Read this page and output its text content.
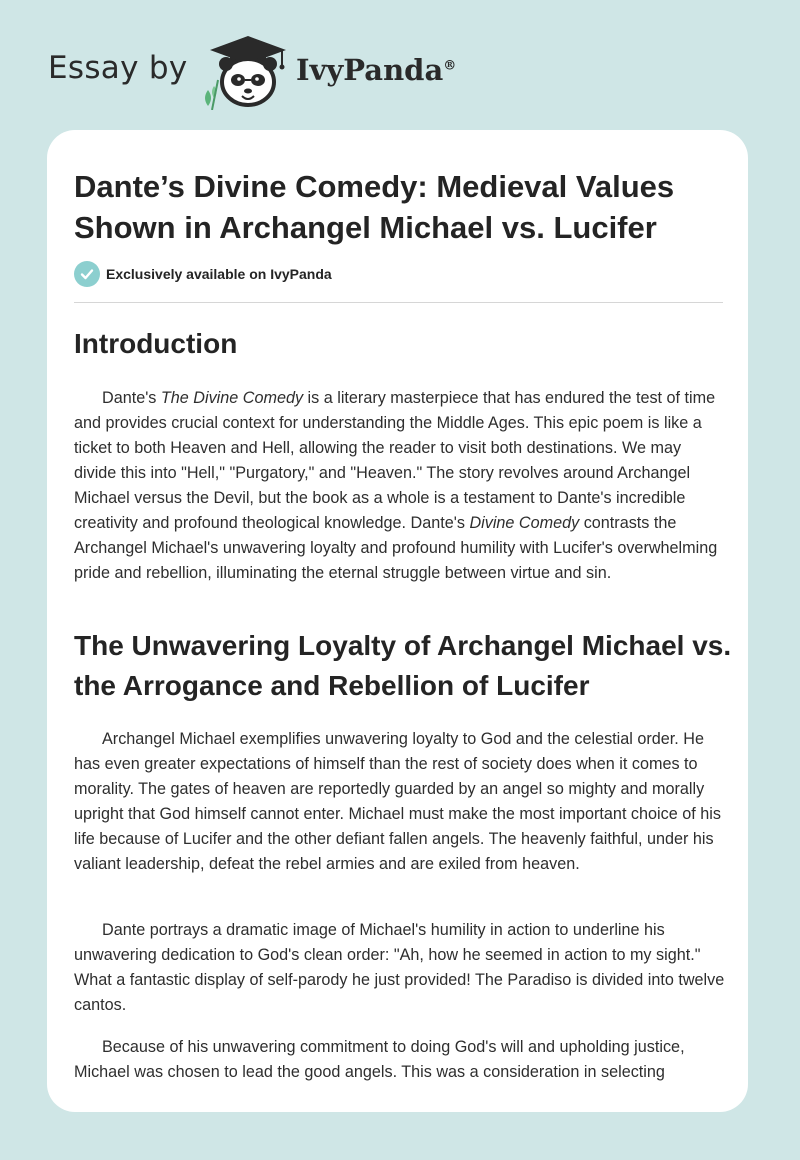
Essay by	IvyPanda®
Dante’s Divine Comedy: Medieval Values Shown in Archangel Michael vs. Lucifer
Exclusively available on IvyPanda
Introduction

Dante's The Divine Comedy is a literary masterpiece that has endured the test of time and provides crucial context for understanding the Middle Ages. This epic poem is like a ticket to both Heaven and Hell, allowing the reader to visit both destinations. We may divide this into "Hell," "Purgatory," and "Heaven." The story revolves around Archangel Michael versus the Devil, but the book as a whole is a testament to Dante's incredible creativity and profound theological knowledge. Dante's Divine Comedy contrasts the Archangel Michael's unwavering loyalty and profound humility with Lucifer's overwhelming pride and rebellion, illuminating the eternal struggle between virtue and sin.

The Unwavering Loyalty of Archangel Michael vs. the Arrogance and Rebellion of Lucifer

Archangel Michael exemplifies unwavering loyalty to God and the celestial order. He has even greater expectations of himself than the rest of society does when it comes to morality. The gates of heaven are reportedly guarded by an angel so mighty and morally upright that God himself cannot enter. Michael must make the most important choice of his life because of Lucifer and the other defiant fallen angels. The heavenly faithful, under his valiant leadership, defeat the rebel armies and are exiled from heaven.

Dante portrays a dramatic image of Michael's humility in action to underline his unwavering dedication to God's clean order: "Ah, how he seemed in action to my sight." What a fantastic display of self-parody he just provided! The Paradiso is divided into twelve cantos.

Because of his unwavering commitment to doing God's will and upholding justice, Michael was chosen to lead the good angels. This was a consideration in selecting
